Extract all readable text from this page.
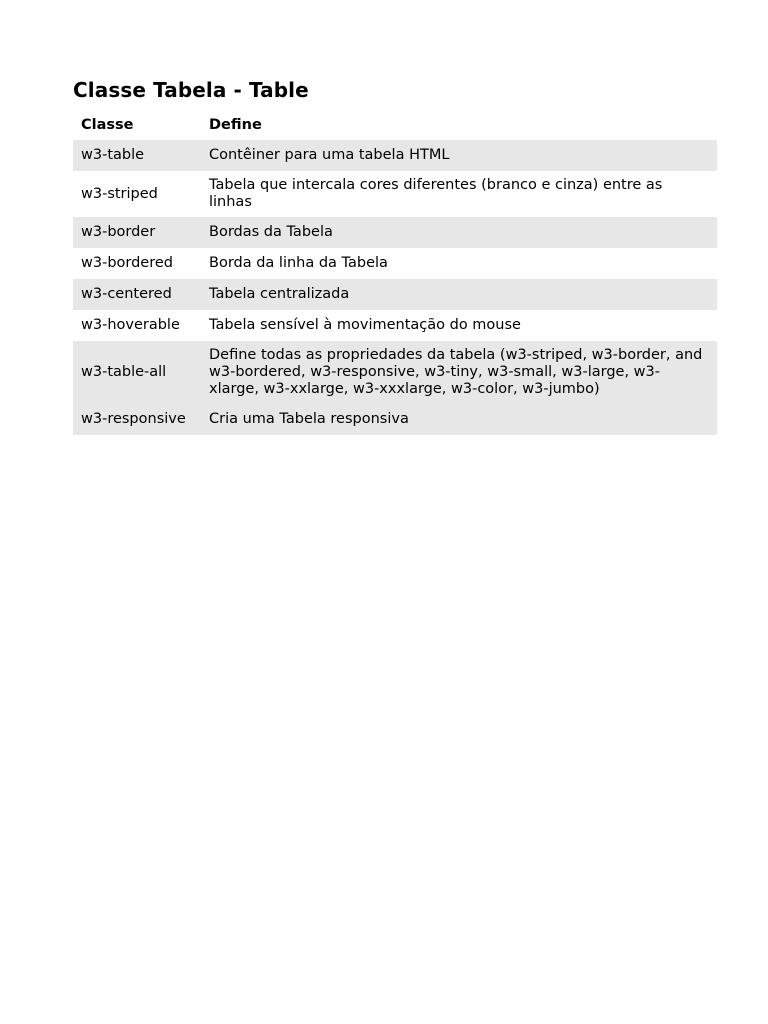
Classe Tabela - Table
Classe	Define
w3-table	Contêiner para uma tabela HTML
w3-striped	Tabela que intercala cores diferentes (branco e cinza) entre as linhas
w3-border	Bordas da Tabela
w3-bordered	Borda da linha da Tabela
w3-centered	Tabela centralizada
w3-hoverable	Tabela sensível à movimentação do mouse
w3-table-all	Define todas as propriedades da tabela (w3-striped, w3-border, and w3-bordered, w3-responsive, w3-tiny, w3-small, w3-large, w3-xlarge, w3-xxlarge, w3-xxxlarge, w3-color, w3-jumbo)
w3-responsive	Cria uma Tabela responsiva
